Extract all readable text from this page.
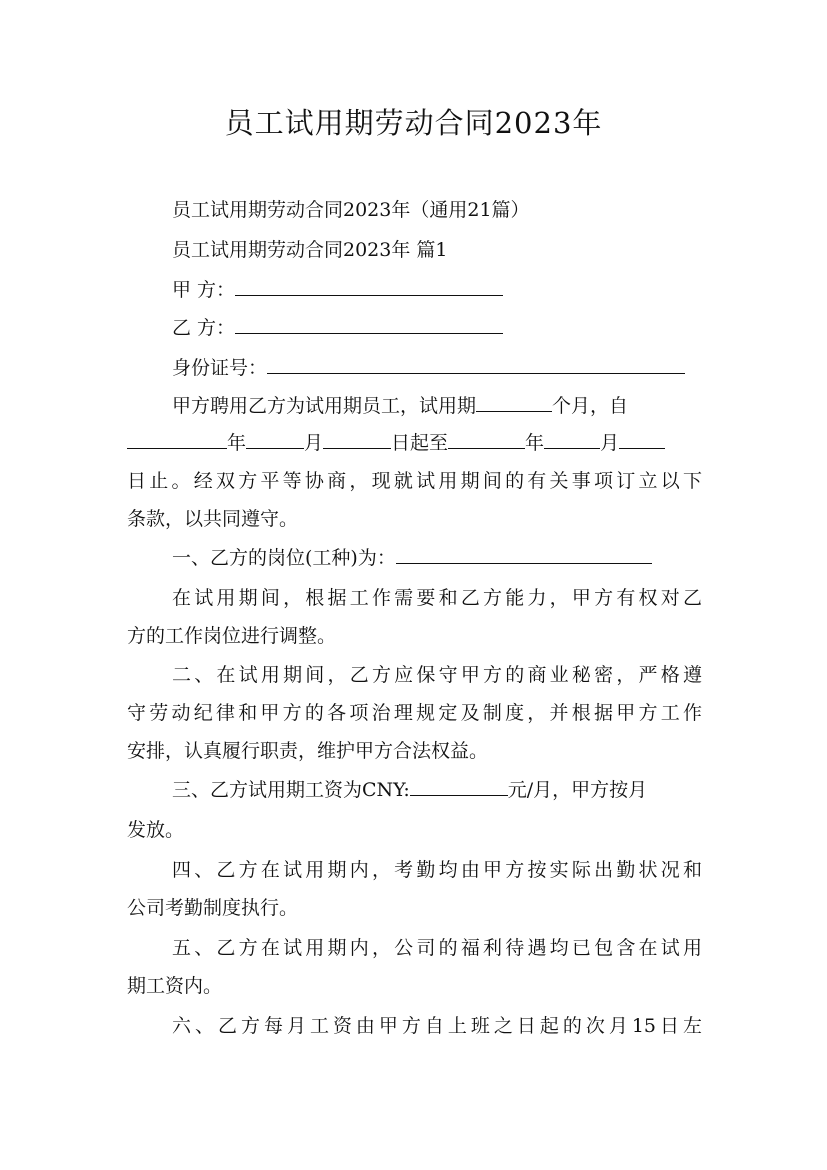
员工试用期劳动合同2023年
员工试用期劳动合同2023年（通用21篇）
员工试用期劳动合同2023年 篇1
甲 方：
乙 方：
身份证号：
甲方聘用乙方为试用期员工，试用期	个月，自
年	月	日起至	年	月
日止。经双方平等协商，现就试用期间的有关事项订立以下
条款，以共同遵守。
一、乙方的岗位(工种)为：
在试用期间，根据工作需要和乙方能力，甲方有权对乙
方的工作岗位进行调整。
二、在试用期间，乙方应保守甲方的商业秘密，严格遵
守劳动纪律和甲方的各项治理规定及制度，并根据甲方工作
安排，认真履行职责，维护甲方合法权益。
三、乙方试用期工资为CNY:	元/月，甲方按月
发放。
四、乙方在试用期内，考勤均由甲方按实际出勤状况和
公司考勤制度执行。
五、乙方在试用期内，公司的福利待遇均已包含在试用
期工资内。
六、乙方每月工资由甲方自上班之日起的次月15日左
